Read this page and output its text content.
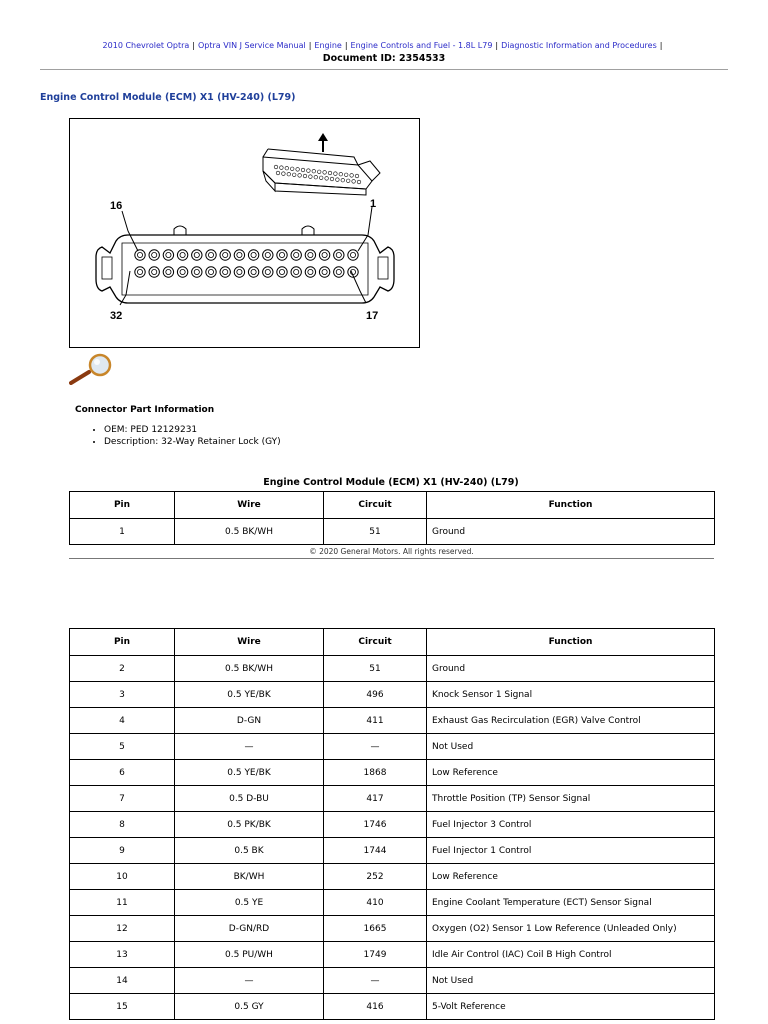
2010 Chevrolet Optra | Optra VIN J Service Manual | Engine | Engine Controls and Fuel - 1.8L L79 | Diagnostic Information and Procedures |
Document ID: 2354533
Engine Control Module (ECM) X1 (HV-240) (L79)
16	1
32	17
Connector Part Information
• OEM: PED 12129231
• Description: 32-Way Retainer Lock (GY)
Engine Control Module (ECM) X1 (HV-240) (L79)
Pin	Wire	Circuit	Function
1	0.5 BK/WH	51	Ground
© 2020 General Motors. All rights reserved.
Pin	Wire	Circuit	Function
2	0.5 BK/WH	51	Ground
3	0.5 YE/BK	496	Knock Sensor 1 Signal
4	D-GN	411	Exhaust Gas Recirculation (EGR) Valve Control
5	—	—	Not Used
6	0.5 YE/BK	1868	Low Reference
7	0.5 D-BU	417	Throttle Position (TP) Sensor Signal
8	0.5 PK/BK	1746	Fuel Injector 3 Control
9	0.5 BK	1744	Fuel Injector 1 Control
10	BK/WH	252	Low Reference
11	0.5 YE	410	Engine Coolant Temperature (ECT) Sensor Signal
12	D-GN/RD	1665	Oxygen (O2) Sensor 1 Low Reference (Unleaded Only)
13	0.5 PU/WH	1749	Idle Air Control (IAC) Coil B High Control
14	—	—	Not Used
15	0.5 GY	416	5-Volt Reference
